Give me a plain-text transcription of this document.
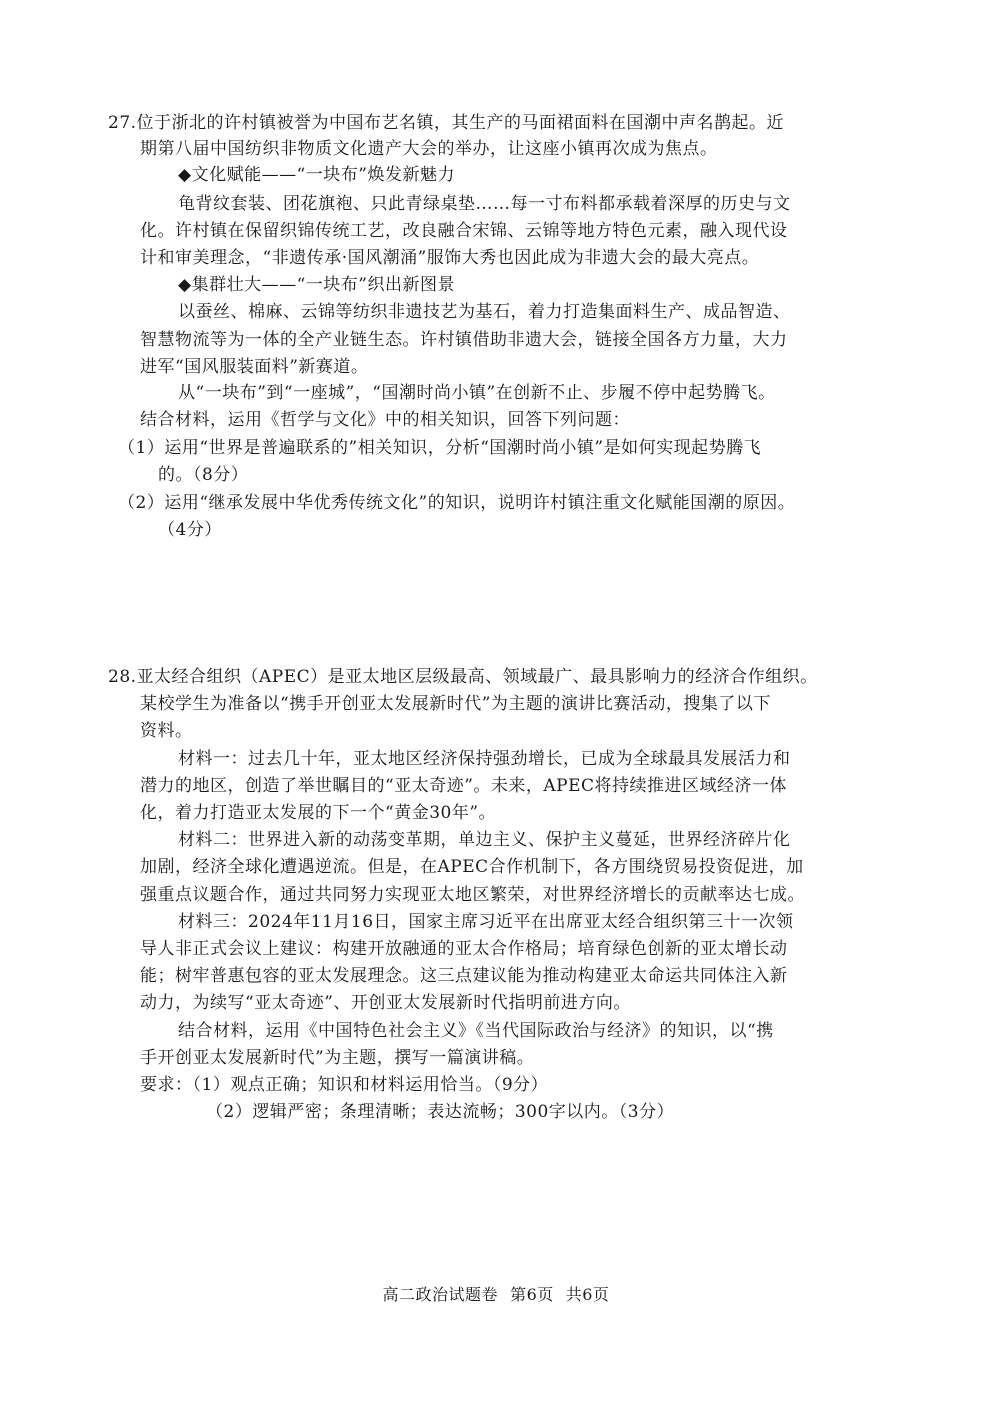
27.位于浙北的许村镇被誉为中国布艺名镇，其生产的马面裙面料在国潮中声名鹊起。近
期第八届中国纺织非物质文化遗产大会的举办，让这座小镇再次成为焦点。
◆文化赋能——“一块布”焕发新魅力
龟背纹套装、团花旗袍、只此青绿桌垫……每一寸布料都承载着深厚的历史与文
化。许村镇在保留织锦传统工艺，改良融合宋锦、云锦等地方特色元素，融入现代设
计和审美理念，“非遗传承·国风潮涌”服饰大秀也因此成为非遗大会的最大亮点。
◆集群壮大——“一块布”织出新图景
以蚕丝、棉麻、云锦等纺织非遗技艺为基石，着力打造集面料生产、成品智造、
智慧物流等为一体的全产业链生态。许村镇借助非遗大会，链接全国各方力量，大力
进军“国风服装面料”新赛道。
从“一块布”到“一座城”，“国潮时尚小镇”在创新不止、步履不停中起势腾飞。
结合材料，运用《哲学与文化》中的相关知识，回答下列问题：
（1）运用“世界是普遍联系的”相关知识，分析“国潮时尚小镇”是如何实现起势腾飞
的。（8分）
（2）运用“继承发展中华优秀传统文化”的知识，说明许村镇注重文化赋能国潮的原因。
（4分）
28.亚太经合组织（APEC）是亚太地区层级最高、领域最广、最具影响力的经济合作组织。
某校学生为准备以“携手开创亚太发展新时代”为主题的演讲比赛活动，搜集了以下
资料。
材料一：过去几十年，亚太地区经济保持强劲增长，已成为全球最具发展活力和
潜力的地区，创造了举世瞩目的“亚太奇迹”。未来，APEC将持续推进区域经济一体
化，着力打造亚太发展的下一个“黄金30年”。
材料二：世界进入新的动荡变革期，单边主义、保护主义蔓延，世界经济碎片化
加剧，经济全球化遭遇逆流。但是，在APEC合作机制下，各方围绕贸易投资促进，加
强重点议题合作，通过共同努力实现亚太地区繁荣，对世界经济增长的贡献率达七成。
材料三：2024年11月16日，国家主席习近平在出席亚太经合组织第三十一次领
导人非正式会议上建议：构建开放融通的亚太合作格局；培育绿色创新的亚太增长动
能；树牢普惠包容的亚太发展理念。这三点建议能为推动构建亚太命运共同体注入新
动力，为续写“亚太奇迹”、开创亚太发展新时代指明前进方向。
结合材料，运用《中国特色社会主义》《当代国际政治与经济》的知识，以“携
手开创亚太发展新时代”为主题，撰写一篇演讲稿。
要求：（1）观点正确；知识和材料运用恰当。（9分）
（2）逻辑严密；条理清晰；表达流畅；300字以内。（3分）
高二政治试题卷 第6页 共6页
